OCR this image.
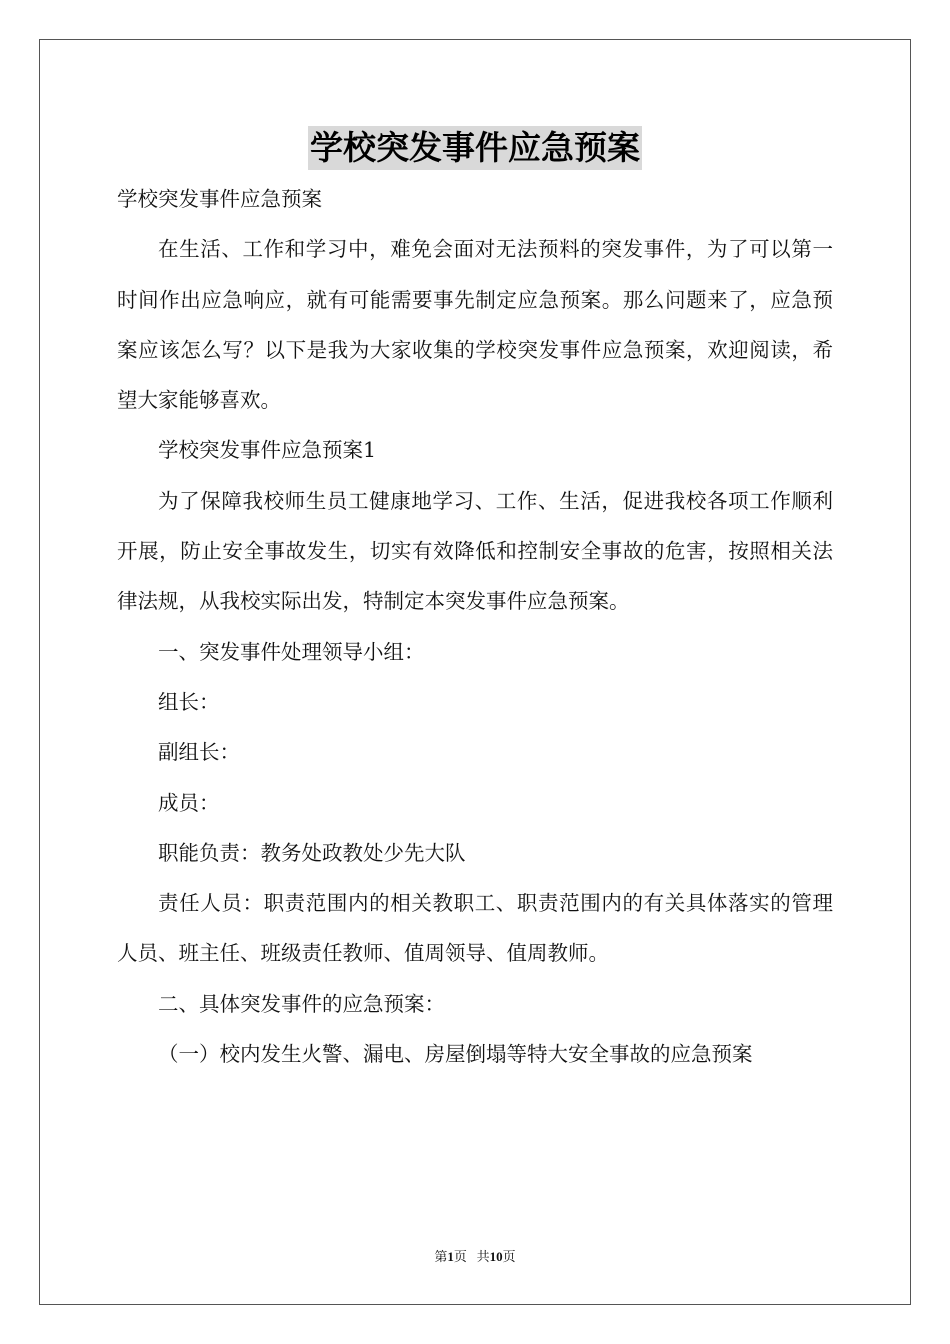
学校突发事件应急预案

学校突发事件应急预案

在生活、工作和学习中，难免会面对无法预料的突发事件，为了可以第一时间作出应急响应，就有可能需要事先制定应急预案。那么问题来了，应急预案应该怎么写？以下是我为大家收集的学校突发事件应急预案，欢迎阅读，希望大家能够喜欢。

学校突发事件应急预案1

为了保障我校师生员工健康地学习、工作、生活，促进我校各项工作顺利开展，防止安全事故发生，切实有效降低和控制安全事故的危害，按照相关法律法规，从我校实际出发，特制定本突发事件应急预案。

一、突发事件处理领导小组：

组长：

副组长：

成员：

职能负责：教务处政教处少先大队

责任人员：职责范围内的相关教职工、职责范围内的有关具体落实的管理人员、班主任、班级责任教师、值周领导、值周教师。

二、具体突发事件的应急预案：

（一）校内发生火警、漏电、房屋倒塌等特大安全事故的应急预案

第1页 共10页
